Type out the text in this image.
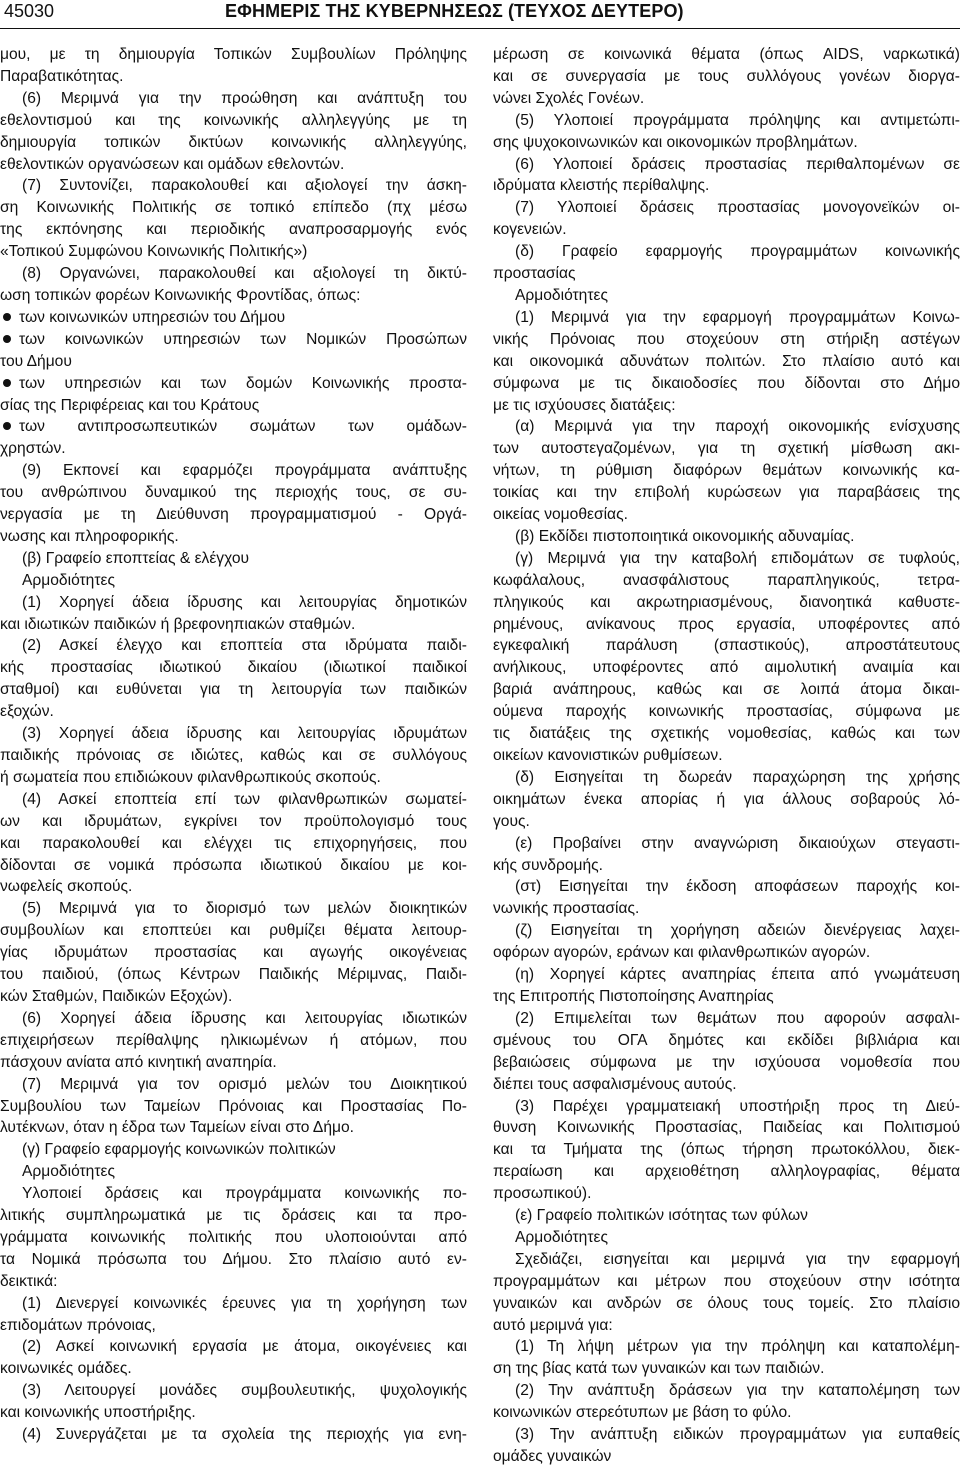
45030	ΕΦΗΜΕΡΙΣ ΤΗΣ ΚΥΒΕΡΝΗΣΕΩΣ (ΤΕΥΧΟΣ ΔΕΥΤΕΡΟ)
μου, με τη δημιουργία Τοπικών Συμβουλίων Πρόληψης
Παραβατικότητας.
(6) Μεριμνά για την προώθηση και ανάπτυξη του
εθελοντισμού και της κοινωνικής αλληλεγγύης με τη
δημιουργία τοπικών δικτύων κοινωνικής αλληλεγγύης,
εθελοντικών οργανώσεων και ομάδων εθελοντών.
(7) Συντονίζει, παρακολουθεί και αξιολογεί την άσκη-
ση Κοινωνικής Πολιτικής σε τοπικό επίπεδο (πχ μέσω
της εκπόνησης και περιοδικής αναπροσαρμογής ενός
«Τοπικού Συμφώνου Κοινωνικής Πολιτικής»)
(8) Οργανώνει, παρακολουθεί και αξιολογεί τη δικτύ-
ωση τοπικών φορέων Κοινωνικής Φροντίδας, όπως:
των κοινωνικών υπηρεσιών του Δήμου
των κοινωνικών υπηρεσιών των Νομικών Προσώπων
του Δήμου
των υπηρεσιών και των δομών Κοινωνικής προστα-
σίας της Περιφέρειας και του Κράτους
των αντιπροσωπευτικών σωμάτων των ομάδων-
χρηστών.
(9) Εκπονεί και εφαρμόζει προγράμματα ανάπτυξης
του ανθρώπινου δυναμικού της περιοχής τους, σε συ-
νεργασία με τη Διεύθυνση προγραμματισμού - Οργά-
νωσης και πληροφορικής.
(β) Γραφείο εποπτείας & ελέγχου
Αρμοδιότητες
(1) Χορηγεί άδεια ίδρυσης και λειτουργίας δημοτικών
και ιδιωτικών παιδικών ή βρεφονηπιακών σταθμών.
(2) Ασκεί έλεγχο και εποπτεία στα ιδρύματα παιδι-
κής προστασίας ιδιωτικού δικαίου (ιδιωτικοί παιδικοί
σταθμοί) και ευθύνεται για τη λειτουργία των παιδικών
εξοχών.
(3) Χορηγεί άδεια ίδρυσης και λειτουργίας ιδρυμάτων
παιδικής πρόνοιας σε ιδιώτες, καθώς και σε συλλόγους
ή σωματεία που επιδιώκουν φιλανθρωπικούς σκοπούς.
(4) Ασκεί εποπτεία επί των φιλανθρωπικών σωματεί-
ων και ιδρυμάτων, εγκρίνει τον προϋπολογισμό τους
και παρακολουθεί και ελέγχει τις επιχορηγήσεις, που
δίδονται σε νομικά πρόσωπα ιδιωτικού δικαίου με κοι-
νωφελείς σκοπούς.
(5) Μεριμνά για το διορισμό των μελών διοικητικών
συμβουλίων και εποπτεύει και ρυθμίζει θέματα λειτουρ-
γίας ιδρυμάτων προστασίας και αγωγής οικογένειας
του παιδιού, (όπως Κέντρων Παιδικής Μέριμνας, Παιδι-
κών Σταθμών, Παιδικών Εξοχών).
(6) Χορηγεί άδεια ίδρυσης και λειτουργίας ιδιωτικών
επιχειρήσεων περίθαλψης ηλικιωμένων ή ατόμων, που
πάσχουν ανίατα από κινητική αναπηρία.
(7) Μεριμνά για τον ορισμό μελών του Διοικητικού
Συμβουλίου των Ταμείων Πρόνοιας και Προστασίας Πο-
λυτέκνων, όταν η έδρα των Ταμείων είναι στο Δήμο.
(γ) Γραφείο εφαρμογής κοινωνικών πολιτικών
Αρμοδιότητες
Υλοποιεί δράσεις και προγράμματα κοινωνικής πο-
λιτικής συμπληρωματικά με τις δράσεις και τα προ-
γράμματα κοινωνικής πολιτικής που υλοποιούνται από
τα Νομικά πρόσωπα του Δήμου. Στο πλαίσιο αυτό εν-
δεικτικά:
(1) Διενεργεί κοινωνικές έρευνες για τη χορήγηση των
επιδομάτων πρόνοιας,
(2) Ασκεί κοινωνική εργασία με άτομα, οικογένειες και
κοινωνικές ομάδες.
(3) Λειτουργεί μονάδες συμβουλευτικής, ψυχολογικής
και κοινωνικής υποστήριξης.
(4) Συνεργάζεται με τα σχολεία της περιοχής για ενη-
μέρωση σε κοινωνικά θέματα (όπως AIDS, ναρκωτικά)
και σε συνεργασία με τους συλλόγους γονέων διοργα-
νώνει Σχολές Γονέων.
(5) Υλοποιεί προγράμματα πρόληψης και αντιμετώπι-
σης ψυχοκοινωνικών και οικονομικών προβλημάτων.
(6) Υλοποιεί δράσεις προστασίας περιθαλπομένων σε
ιδρύματα κλειστής περίθαλψης.
(7) Υλοποιεί δράσεις προστασίας μονογονεϊκών οι-
κογενειών.
(δ) Γραφείο εφαρμογής προγραμμάτων κοινωνικής
προστασίας
Αρμοδιότητες
(1) Μεριμνά για την εφαρμογή προγραμμάτων Κοινω-
νικής Πρόνοιας που στοχεύουν στη στήριξη αστέγων
και οικονομικά αδυνάτων πολιτών. Στο πλαίσιο αυτό και
σύμφωνα με τις δικαιοδοσίες που δίδονται στο Δήμο
με τις ισχύουσες διατάξεις:
(α) Μεριμνά για την παροχή οικονομικής ενίσχυσης
των αυτοστεγαζομένων, για τη σχετική μίσθωση ακι-
νήτων, τη ρύθμιση διαφόρων θεμάτων κοινωνικής κα-
τοικίας και την επιβολή κυρώσεων για παραβάσεις της
οικείας νομοθεσίας.
(β) Εκδίδει πιστοποιητικά οικονομικής αδυναμίας.
(γ) Μεριμνά για την καταβολή επιδομάτων σε τυφλούς,
κωφάλαλους, ανασφάλιστους παραπληγικούς, τετρα-
πληγικούς και ακρωτηριασμένους, διανοητικά καθυστε-
ρημένους, ανίκανους προς εργασία, υποφέροντες από
εγκεφαλική παράλυση (σπαστικούς), απροστάτευτους
ανήλικους, υποφέροντες από αιμολυτική αναιμία και
βαριά ανάπηρους, καθώς και σε λοιπά άτομα δικαι-
ούμενα παροχής κοινωνικής προστασίας, σύμφωνα με
τις διατάξεις της σχετικής νομοθεσίας, καθώς και των
οικείων κανονιστικών ρυθμίσεων.
(δ) Εισηγείται τη δωρεάν παραχώρηση της χρήσης
οικημάτων ένεκα απορίας ή για άλλους σοβαρούς λό-
γους.
(ε) Προβαίνει στην αναγνώριση δικαιούχων στεγαστι-
κής συνδρομής.
(στ) Εισηγείται την έκδοση αποφάσεων παροχής κοι-
νωνικής προστασίας.
(ζ) Εισηγείται τη χορήγηση αδειών διενέργειας λαχει-
οφόρων αγορών, εράνων και φιλανθρωπικών αγορών.
(η) Χορηγεί κάρτες αναπηρίας έπειτα από γνωμάτευση
της Επιτροπής Πιστοποίησης Αναπηρίας
(2) Επιμελείται των θεμάτων που αφορούν ασφαλι-
σμένους του ΟΓΑ δημότες και εκδίδει βιβλιάρια και
βεβαιώσεις σύμφωνα με την ισχύουσα νομοθεσία που
διέπει τους ασφαλισμένους αυτούς.
(3) Παρέχει γραμματειακή υποστήριξη προς τη Διεύ-
θυνση Κοινωνικής Προστασίας, Παιδείας και Πολιτισμού
και τα Τμήματα της (όπως τήρηση πρωτοκόλλου, διεκ-
περαίωση και αρχειοθέτηση αλληλογραφίας, θέματα
προσωπικού).
(ε) Γραφείο πολιτικών ισότητας των φύλων
Αρμοδιότητες
Σχεδιάζει, εισηγείται και μεριμνά για την εφαρμογή
προγραμμάτων και μέτρων που στοχεύουν στην ισότητα
γυναικών και ανδρών σε όλους τους τομείς. Στο πλαίσιο
αυτό μεριμνά για:
(1) Τη λήψη μέτρων για την πρόληψη και καταπολέμη-
ση της βίας κατά των γυναικών και των παιδιών.
(2) Την ανάπτυξη δράσεων για την καταπολέμηση των
κοινωνικών στερεότυπων με βάση το φύλο.
(3) Την ανάπτυξη ειδικών προγραμμάτων για ευπαθείς
ομάδες γυναικών
